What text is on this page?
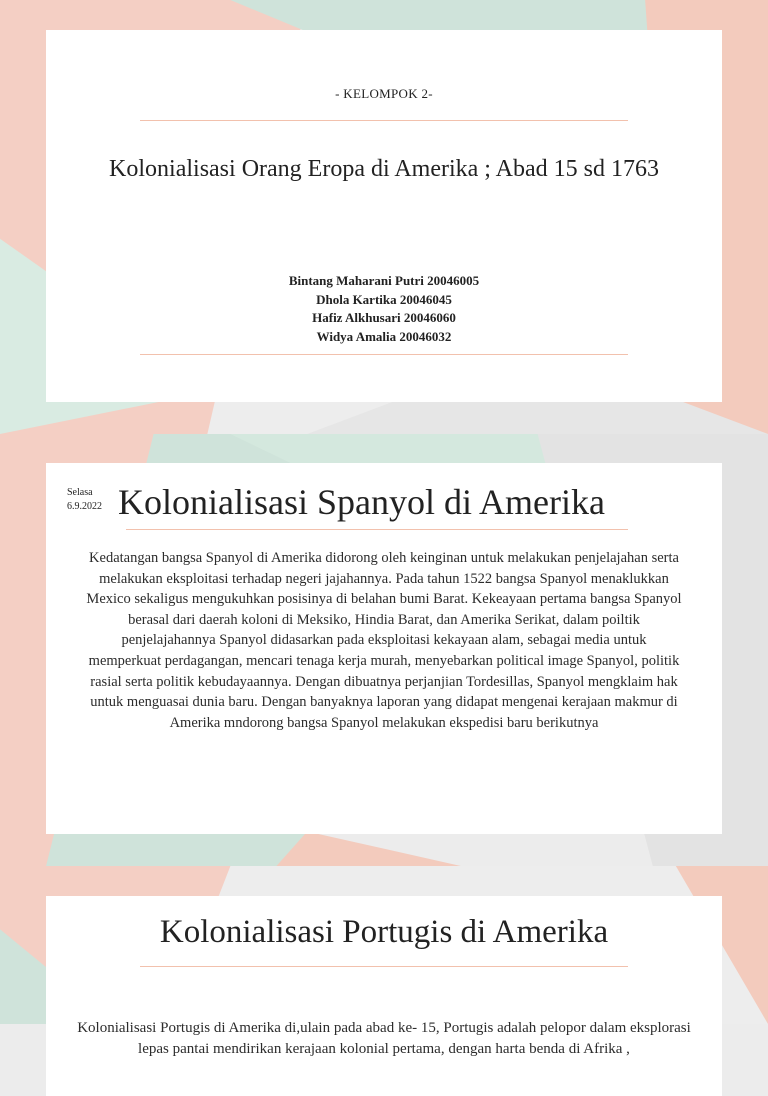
- KELOMPOK 2-
Kolonialisasi Orang Eropa di Amerika ; Abad 15 sd 1763
Bintang Maharani Putri 20046005
Dhola Kartika 20046045
Hafiz Alkhusari 20046060
Widya Amalia 20046032
Selasa
6.9.2022 Kolonialisasi Spanyol di Amerika
Kedatangan bangsa Spanyol di Amerika didorong oleh keinginan untuk melakukan penjelajahan serta melakukan eksploitasi terhadap negeri jajahannya. Pada tahun 1522 bangsa Spanyol menaklukkan Mexico sekaligus mengukuhkan posisinya di belahan bumi Barat. Kekeayaan pertama bangsa Spanyol berasal dari daerah koloni di Meksiko, Hindia Barat, dan Amerika Serikat, dalam poiltik penjelajahannya Spanyol didasarkan pada eksploitasi kekayaan alam, sebagai media untuk memperkuat perdagangan, mencari tenaga kerja murah, menyebarkan political image Spanyol, politik rasial serta politik kebudayaannya. Dengan dibuatnya perjanjian Tordesillas, Spanyol mengklaim hak untuk menguasai dunia baru. Dengan banyaknya laporan yang didapat mengenai kerajaan makmur di Amerika mndorong bangsa Spanyol melakukan ekspedisi baru berikutnya
Kolonialisasi Portugis di Amerika
Kolonialisasi Portugis di Amerika di,ulain pada abad ke- 15, Portugis adalah pelopor dalam eksplorasi lepas pantai mendirikan kerajaan kolonial pertama, dengan harta benda di Afrika ,
